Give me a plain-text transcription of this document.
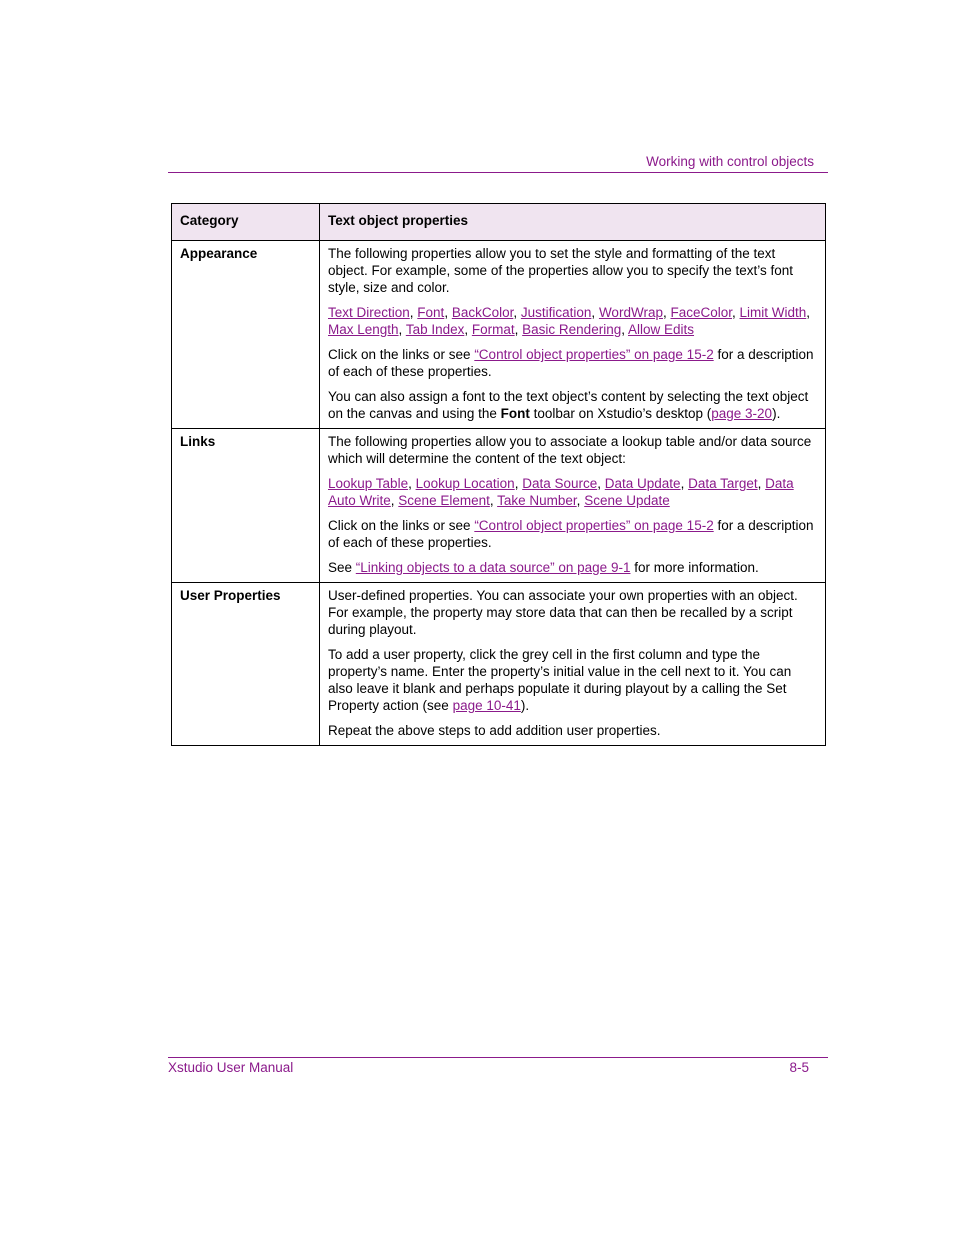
Working with control objects
Category	Text object properties
Appearance	The following properties allow you to set the style and formatting of the text object. For example, some of the properties allow you to specify the text’s font style, size and color.

Text Direction, Font, BackColor, Justification, WordWrap, FaceColor, Limit Width, Max Length, Tab Index, Format, Basic Rendering, Allow Edits

Click on the links or see “Control object properties” on page 15-2 for a description of each of these properties.

You can also assign a font to the text object’s content by selecting the text object on the canvas and using the Font toolbar on Xstudio’s desktop (page 3-20).

Links	The following properties allow you to associate a lookup table and/or data source which will determine the content of the text object:

Lookup Table, Lookup Location, Data Source, Data Update, Data Target, Data Auto Write, Scene Element, Take Number, Scene Update

Click on the links or see “Control object properties” on page 15-2 for a description of each of these properties.

See “Linking objects to a data source” on page 9-1 for more information.

User Properties	User-defined properties. You can associate your own properties with an object. For example, the property may store data that can then be recalled by a script during playout.

To add a user property, click the grey cell in the first column and type the property’s name. Enter the property’s initial value in the cell next to it. You can also leave it blank and perhaps populate it during playout by a calling the Set Property action (see page 10-41).

Repeat the above steps to add addition user properties.

Xstudio User Manual	8-5
